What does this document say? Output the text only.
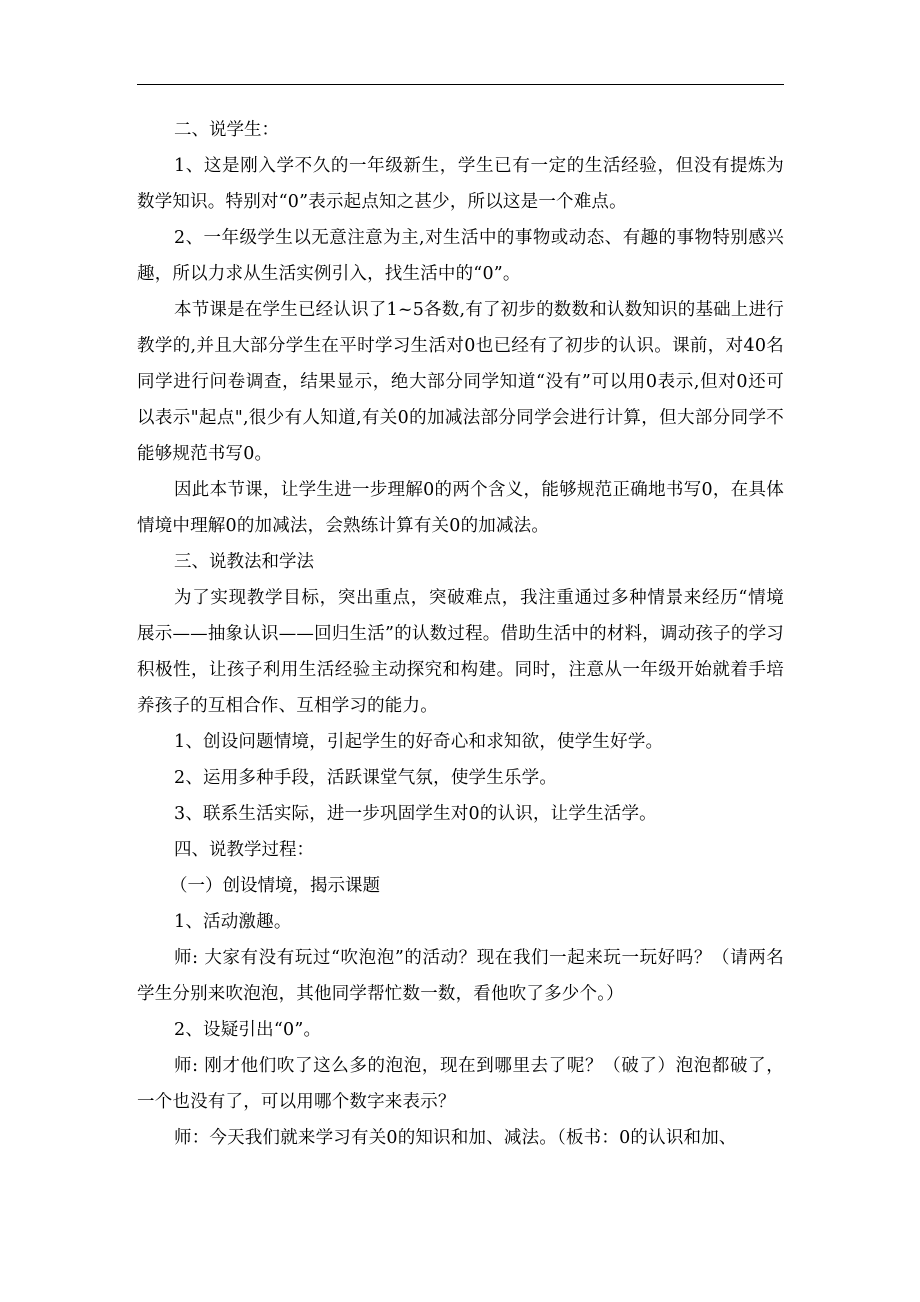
二、说学生：

1、这是刚入学不久的一年级新生，学生已有一定的生活经验，但没有提炼为数学知识。特别对“0”表示起点知之甚少，所以这是一个难点。

2、一年级学生以无意注意为主,对生活中的事物或动态、有趣的事物特别感兴趣，所以力求从生活实例引入，找生活中的“0”。

本节课是在学生已经认识了1~5各数,有了初步的数数和认数知识的基础上进行教学的,并且大部分学生在平时学习生活对0也已经有了初步的认识。课前，对40名同学进行问卷调查，结果显示，绝大部分同学知道“没有”可以用0表示,但对0还可以表示"起点",很少有人知道,有关0的加减法部分同学会进行计算，但大部分同学不能够规范书写0。

因此本节课，让学生进一步理解0的两个含义，能够规范正确地书写0，在具体情境中理解0的加减法，会熟练计算有关0的加减法。

三、说教法和学法

为了实现教学目标，突出重点，突破难点，我注重通过多种情景来经历“情境展示——抽象认识——回归生活”的认数过程。借助生活中的材料，调动孩子的学习积极性，让孩子利用生活经验主动探究和构建。同时，注意从一年级开始就着手培养孩子的互相合作、互相学习的能力。

1、创设问题情境，引起学生的好奇心和求知欲，使学生好学。

2、运用多种手段，活跃课堂气氛，使学生乐学。

3、联系生活实际，进一步巩固学生对0的认识，让学生活学。

四、说教学过程：

（一）创设情境，揭示课题

1、活动激趣。

师: 大家有没有玩过“吹泡泡”的活动？现在我们一起来玩一玩好吗？（请两名学生分别来吹泡泡，其他同学帮忙数一数，看他吹了多少个。）

2、设疑引出“0”。

师: 刚才他们吹了这么多的泡泡，现在到哪里去了呢？（破了）泡泡都破了，一个也没有了，可以用哪个数字来表示？

师：今天我们就来学习有关0的知识和加、减法。（板书：0的认识和加、
